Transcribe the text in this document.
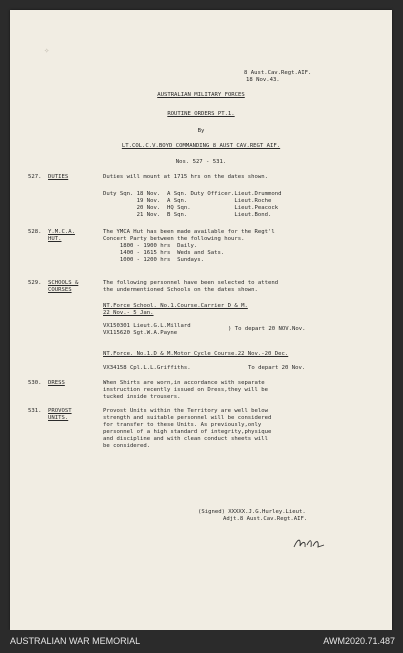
✧
8 Aust.Cav.Regt.AIF.
18 Nov.43.
AUSTRALIAN MILITARY FORCES
ROUTINE ORDERS PT.1.
By
LT.COL.C.V.BOYD COMMANDING 8 AUST CAV.REGT AIF.
Nos. 527 - 531.
527. DUTIES	Duties will mount at 1715 hrs on the dates shown.
Duty Sqn. 18 Nov.  A Sqn. Duty Officer.Lieut.Drummond
19 Nov.  A Sqn.              Lieut.Roche
20 Nov.  HQ Sqn.             Lieut.Peacock
21 Nov.  B Sqn.              Lieut.Bond.
528. Y.M.C.A.
HUT.
The YMCA Hut has been made available for the Regt'l
Concert Party between the following hours.
1800 - 1900 hrs  Daily.
1400 - 1615 hrs  Weds and Sats.
1000 - 1200 hrs  Sundays.
529. SCHOOLS &
COURSES
The following personnel have been selected to attend
the undermentioned Schools on the dates shown.
NT.Force School. No.1.Course.Carrier D & M.
22 Nov.- 5 Jan.
VX150301 Lieut.G.L.Millard
VX115620 Sgt.W.A.Payne
) To depart 20 NOV.Nov.
NT.Force. No.1.D & M.Motor Cycle Course.22 Nov.-20 Dec.
VX34158 Cpl.L.L.Griffiths.	To depart 20 Nov.
530. DRESS	When Shirts are worn,in accordance with separate
instruction recently issued on Dress,they will be
tucked inside trousers.
531. PROVOST
UNITS.
Provost Units within the Territory are well below
strength and suitable personnel will be considered
for transfer to these Units. As previously,only
personnel of a high standard of integrity,physique
and discipline and with clean conduct sheets will
be considered.
(Signed) XXXXX.J.G.Hurley.Lieut.
Adjt.8 Aust.Cav.Regt.AIF.
AUSTRALIAN WAR MEMORIAL	AWM2020.71.487
